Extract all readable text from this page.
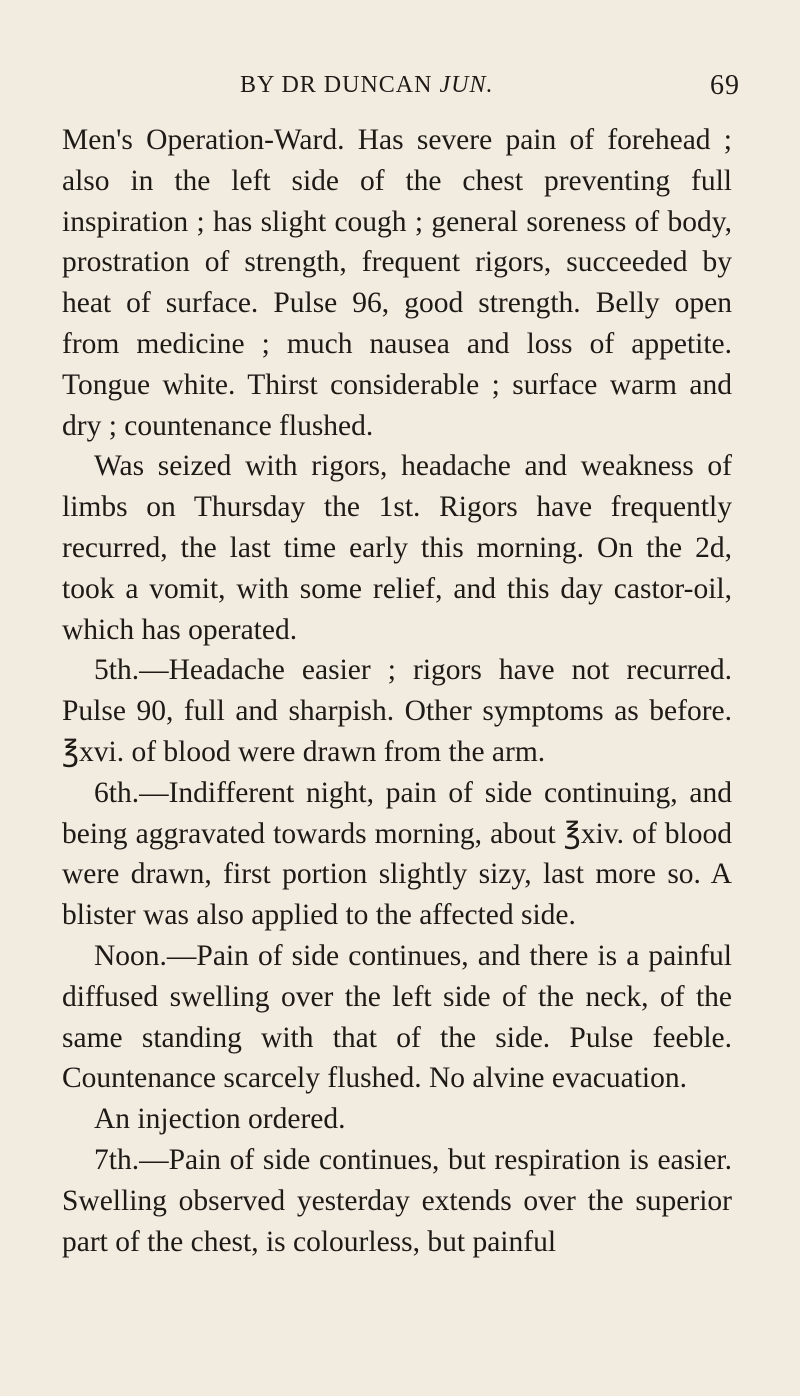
BY DR DUNCAN JUN.	69

Men's Operation-Ward. Has severe pain of forehead ; also in the left side of the chest preventing full inspiration ; has slight cough ; general soreness of body, prostration of strength, frequent rigors, succeeded by heat of surface. Pulse 96, good strength. Belly open from medicine ; much nausea and loss of appetite. Tongue white. Thirst considerable ; surface warm and dry ; countenance flushed.

Was seized with rigors, headache and weakness of limbs on Thursday the 1st. Rigors have frequently recurred, the last time early this morning. On the 2d, took a vomit, with some relief, and this day castor-oil, which has operated.

5th.—Headache easier ; rigors have not recurred. Pulse 90, full and sharpish. Other symptoms as before. ℥xvi. of blood were drawn from the arm.

6th.—Indifferent night, pain of side continuing, and being aggravated towards morning, about ℥xiv. of blood were drawn, first portion slightly sizy, last more so. A blister was also applied to the affected side.

Noon.—Pain of side continues, and there is a painful diffused swelling over the left side of the neck, of the same standing with that of the side. Pulse feeble. Countenance scarcely flushed. No alvine evacuation.

An injection ordered.

7th.—Pain of side continues, but respiration is easier. Swelling observed yesterday extends over the superior part of the chest, is colourless, but painful
